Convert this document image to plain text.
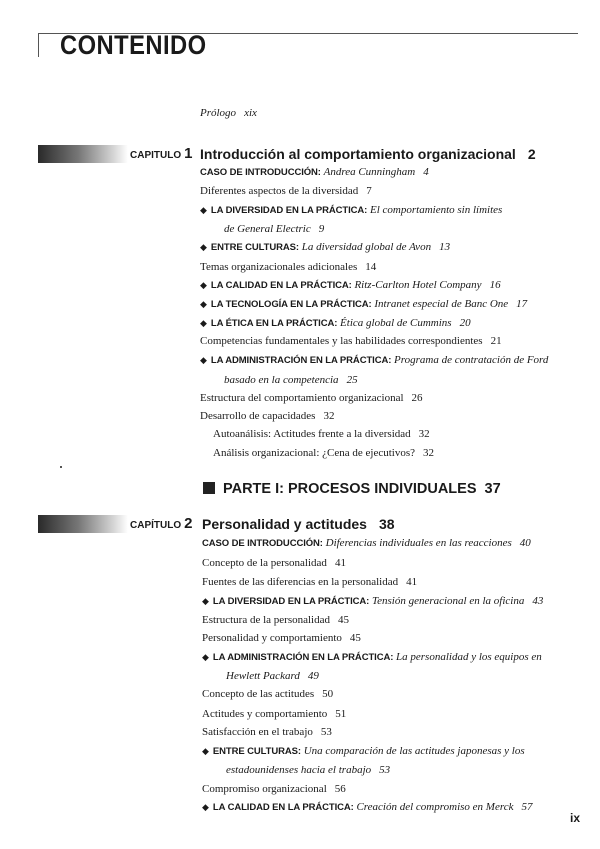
CONTENIDO
Prólogo xix
CAPITULO 1 Introducción al comportamiento organizacional 2
CASO DE INTRODUCCIÓN: Andrea Cunningham 4
Diferentes aspectos de la diversidad 7
◆ LA DIVERSIDAD EN LA PRÁCTICA: El comportamiento sin límites
de General Electric 9
◆ ENTRE CULTURAS: La diversidad global de Avon 13
Temas organizacionales adicionales 14
◆ LA CALIDAD EN LA PRÁCTICA: Ritz-Carlton Hotel Company 16
◆ LA TECNOLOGÍA EN LA PRÁCTICA: Intranet especial de Banc One 17
◆ LA ÉTICA EN LA PRÁCTICA: Ética global de Cummins 20
Competencias fundamentales y las habilidades correspondientes 21
◆ LA ADMINISTRACIÓN EN LA PRÁCTICA: Programa de contratación de Ford
basado en la competencia 25
Estructura del comportamiento organizacional 26
Desarrollo de capacidades 32
Autoanálisis: Actitudes frente a la diversidad 32
Análisis organizacional: ¿Cena de ejecutivos? 32
PARTE I: PROCESOS INDIVIDUALES 37
CAPÍTULO 2 Personalidad y actitudes 38
CASO DE INTRODUCCIÓN: Diferencias individuales en las reacciones 40
Concepto de la personalidad 41
Fuentes de las diferencias en la personalidad 41
◆ LA DIVERSIDAD EN LA PRÁCTICA: Tensión generacional en la oficina 43
Estructura de la personalidad 45
Personalidad y comportamiento 45
◆ LA ADMINISTRACIÓN EN LA PRÁCTICA: La personalidad y los equipos en
Hewlett Packard 49
Concepto de las actitudes 50
Actitudes y comportamiento 51
Satisfacción en el trabajo 53
◆ ENTRE CULTURAS: Una comparación de las actitudes japonesas y los
estadounidenses hacia el trabajo 53
Compromiso organizacional 56
◆ LA CALIDAD EN LA PRÁCTICA: Creación del compromiso en Merck 57
ix
